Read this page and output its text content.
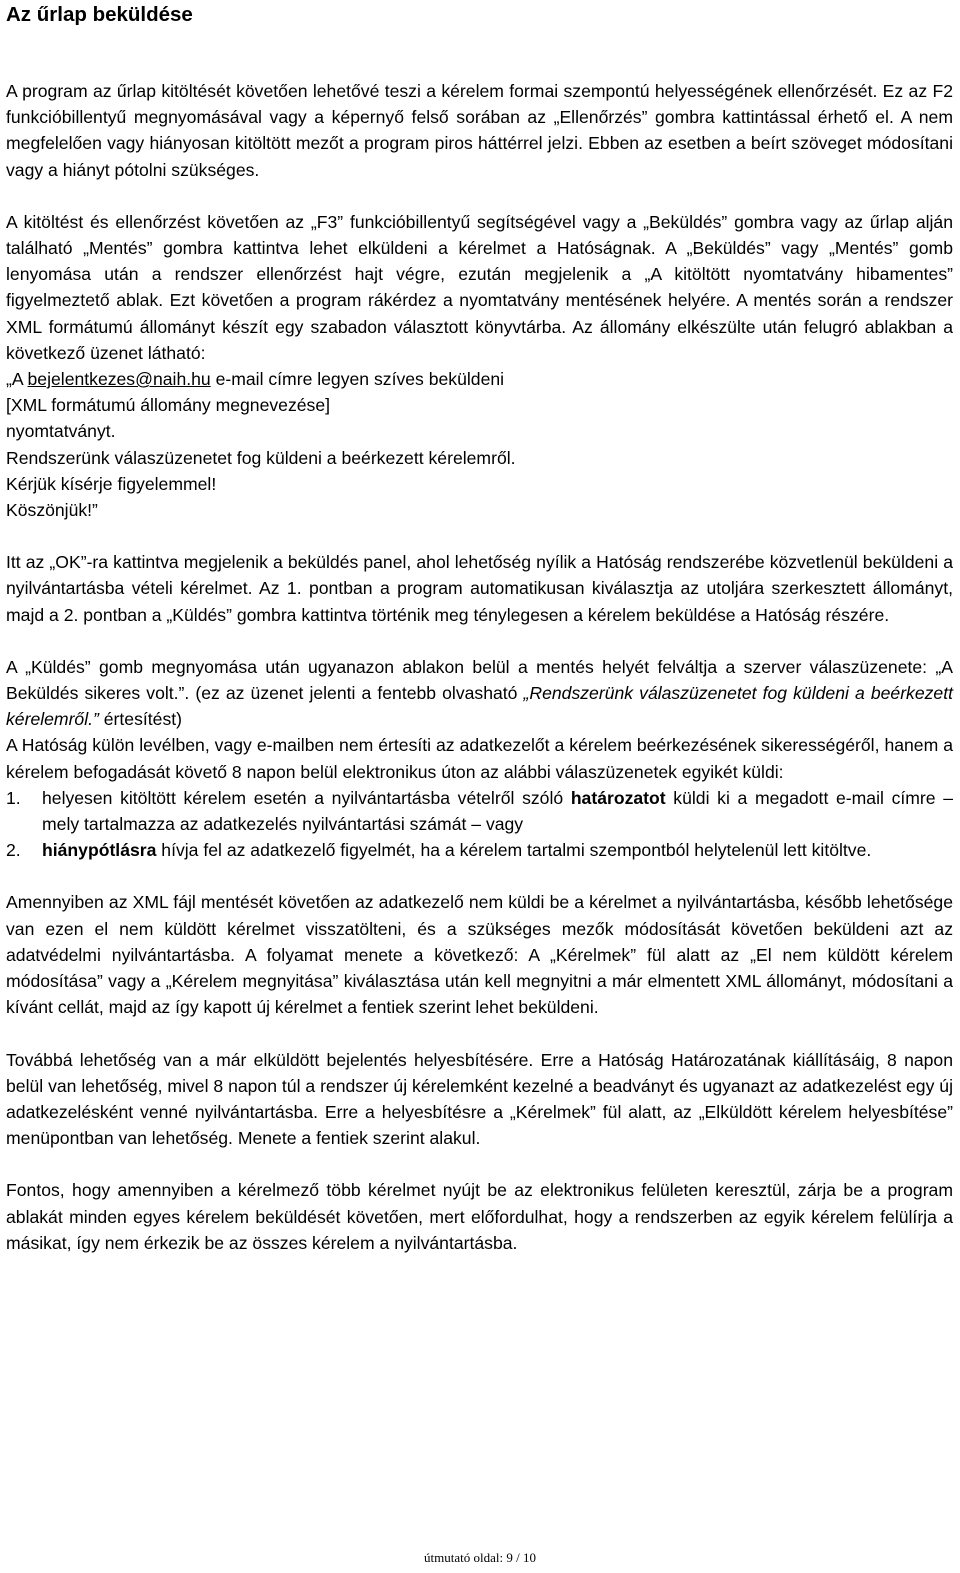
Az űrlap beküldése

A program az űrlap kitöltését követően lehetővé teszi a kérelem formai szempontú helyességének ellenőrzését. Ez az F2 funkcióbillentyű megnyomásával vagy a képernyő felső sorában az „Ellenőrzés” gombra kattintással érhető el. A nem megfelelően vagy hiányosan kitöltött mezőt a program piros háttérrel jelzi. Ebben az esetben a beírt szöveget módosítani vagy a hiányt pótolni szükséges.

A kitöltést és ellenőrzést követően az „F3” funkcióbillentyű segítségével vagy a „Beküldés” gombra vagy az űrlap alján található „Mentés” gombra kattintva lehet elküldeni a kérelmet a Hatóságnak. A „Beküldés” vagy „Mentés” gomb lenyomása után a rendszer ellenőrzést hajt végre, ezután megjelenik a „A kitöltött nyomtatvány hibamentes” figyelmeztető ablak. Ezt követően a program rákérdez a nyomtatvány mentésének helyére. A mentés során a rendszer XML formátumú állományt készít egy szabadon választott könyvtárba. Az állomány elkészülte után felugró ablakban a következő üzenet látható:

„A bejelentkezes@naih.hu e-mail címre legyen szíves beküldeni

[XML formátumú állomány megnevezése]

nyomtatványt.

Rendszerünk válaszüzenetet fog küldeni a beérkezett kérelemről.

Kérjük kísérje figyelemmel!

Köszönjük!”

Itt az „OK”-ra kattintva megjelenik a beküldés panel, ahol lehetőség nyílik a Hatóság rendszerébe közvetlenül beküldeni a nyilvántartásba vételi kérelmet. Az 1. pontban a program automatikusan kiválasztja az utoljára szerkesztett állományt, majd a 2. pontban a „Küldés” gombra kattintva történik meg ténylegesen a kérelem beküldése a Hatóság részére.

A „Küldés” gomb megnyomása után ugyanazon ablakon belül a mentés helyét felváltja a szerver válaszüzenete: „A Beküldés sikeres volt.”. (ez az üzenet jelenti a fentebb olvasható „Rendszerünk válaszüzenetet fog küldeni a beérkezett kérelemről.” értesítést)

A Hatóság külön levélben, vagy e-mailben nem értesíti az adatkezelőt a kérelem beérkezésének sikerességéről, hanem a kérelem befogadását követő 8 napon belül elektronikus úton az alábbi válaszüzenetek egyikét küldi:

1. helyesen kitöltött kérelem esetén a nyilvántartásba vételről szóló határozatot küldi ki a megadott e-mail címre – mely tartalmazza az adatkezelés nyilvántartási számát – vagy
2. hiánypótlásra hívja fel az adatkezelő figyelmét, ha a kérelem tartalmi szempontból helytelenül lett kitöltve.

Amennyiben az XML fájl mentését követően az adatkezelő nem küldi be a kérelmet a nyilvántartásba, később lehetősége van ezen el nem küldött kérelmet visszatölteni, és a szükséges mezők módosítását követően beküldeni azt az adatvédelmi nyilvántartásba. A folyamat menete a következő: A „Kérelmek” fül alatt az „El nem küldött kérelem módosítása” vagy a „Kérelem megnyitása” kiválasztása után kell megnyitni a már elmentett XML állományt, módosítani a kívánt cellát, majd az így kapott új kérelmet a fentiek szerint lehet beküldeni.

Továbbá lehetőség van a már elküldött bejelentés helyesbítésére. Erre a Hatóság Határozatának kiállításáig, 8 napon belül van lehetőség, mivel 8 napon túl a rendszer új kérelemként kezelné a beadványt és ugyanazt az adatkezelést egy új adatkezelésként venné nyilvántartásba. Erre a helyesbítésre a „Kérelmek” fül alatt, az „Elküldött kérelem helyesbítése” menüpontban van lehetőség. Menete a fentiek szerint alakul.

Fontos, hogy amennyiben a kérelmező több kérelmet nyújt be az elektronikus felületen keresztül, zárja be a program ablakát minden egyes kérelem beküldését követően, mert előfordulhat, hogy a rendszerben az egyik kérelem felülírja a másikat, így nem érkezik be az összes kérelem a nyilvántartásba.

útmutató oldal: 9 / 10
